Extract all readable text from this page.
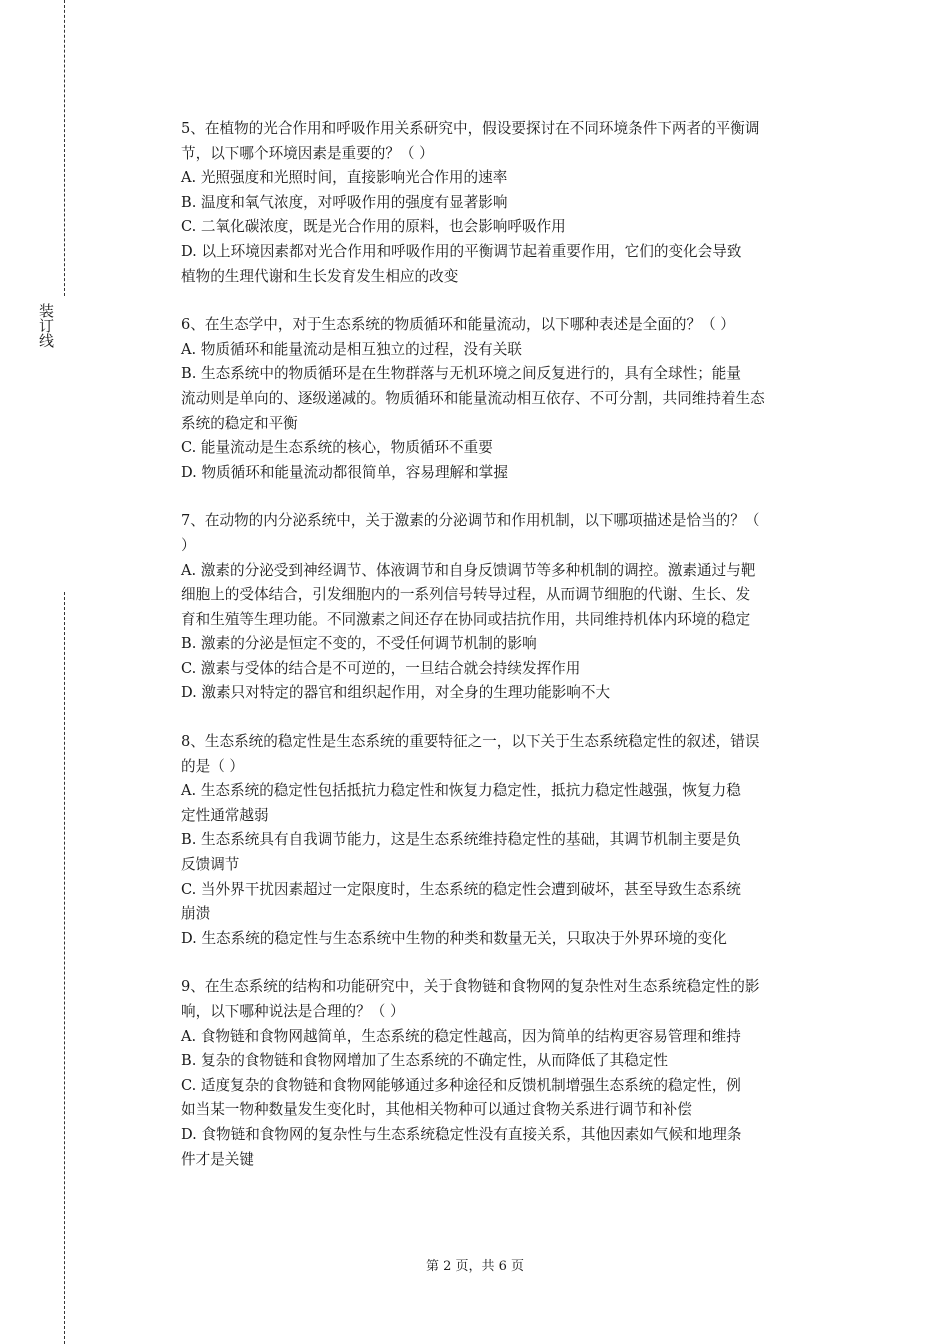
装订线
5、在植物的光合作用和呼吸作用关系研究中，假设要探讨在不同环境条件下两者的平衡调
节，以下哪个环境因素是重要的？（ ）
A. 光照强度和光照时间，直接影响光合作用的速率
B. 温度和氧气浓度，对呼吸作用的强度有显著影响
C. 二氧化碳浓度，既是光合作用的原料，也会影响呼吸作用
D. 以上环境因素都对光合作用和呼吸作用的平衡调节起着重要作用，它们的变化会导致
植物的生理代谢和生长发育发生相应的改变
6、在生态学中，对于生态系统的物质循环和能量流动，以下哪种表述是全面的？（ ）
A. 物质循环和能量流动是相互独立的过程，没有关联
B. 生态系统中的物质循环是在生物群落与无机环境之间反复进行的，具有全球性；能量
流动则是单向的、逐级递减的。物质循环和能量流动相互依存、不可分割，共同维持着生态
系统的稳定和平衡
C. 能量流动是生态系统的核心，物质循环不重要
D. 物质循环和能量流动都很简单，容易理解和掌握
7、在动物的内分泌系统中，关于激素的分泌调节和作用机制，以下哪项描述是恰当的？（
）
A. 激素的分泌受到神经调节、体液调节和自身反馈调节等多种机制的调控。激素通过与靶
细胞上的受体结合，引发细胞内的一系列信号转导过程，从而调节细胞的代谢、生长、发
育和生殖等生理功能。不同激素之间还存在协同或拮抗作用，共同维持机体内环境的稳定
B. 激素的分泌是恒定不变的，不受任何调节机制的影响
C. 激素与受体的结合是不可逆的，一旦结合就会持续发挥作用
D. 激素只对特定的器官和组织起作用，对全身的生理功能影响不大
8、生态系统的稳定性是生态系统的重要特征之一，以下关于生态系统稳定性的叙述，错误
的是（ ）
A. 生态系统的稳定性包括抵抗力稳定性和恢复力稳定性，抵抗力稳定性越强，恢复力稳
定性通常越弱
B. 生态系统具有自我调节能力，这是生态系统维持稳定性的基础，其调节机制主要是负
反馈调节
C. 当外界干扰因素超过一定限度时，生态系统的稳定性会遭到破坏，甚至导致生态系统
崩溃
D. 生态系统的稳定性与生态系统中生物的种类和数量无关，只取决于外界环境的变化
9、在生态系统的结构和功能研究中，关于食物链和食物网的复杂性对生态系统稳定性的影
响，以下哪种说法是合理的？（ ）
A. 食物链和食物网越简单，生态系统的稳定性越高，因为简单的结构更容易管理和维持
B. 复杂的食物链和食物网增加了生态系统的不确定性，从而降低了其稳定性
C. 适度复杂的食物链和食物网能够通过多种途径和反馈机制增强生态系统的稳定性，例
如当某一物种数量发生变化时，其他相关物种可以通过食物关系进行调节和补偿
D. 食物链和食物网的复杂性与生态系统稳定性没有直接关系，其他因素如气候和地理条
件才是关键
第 2 页，共 6 页
